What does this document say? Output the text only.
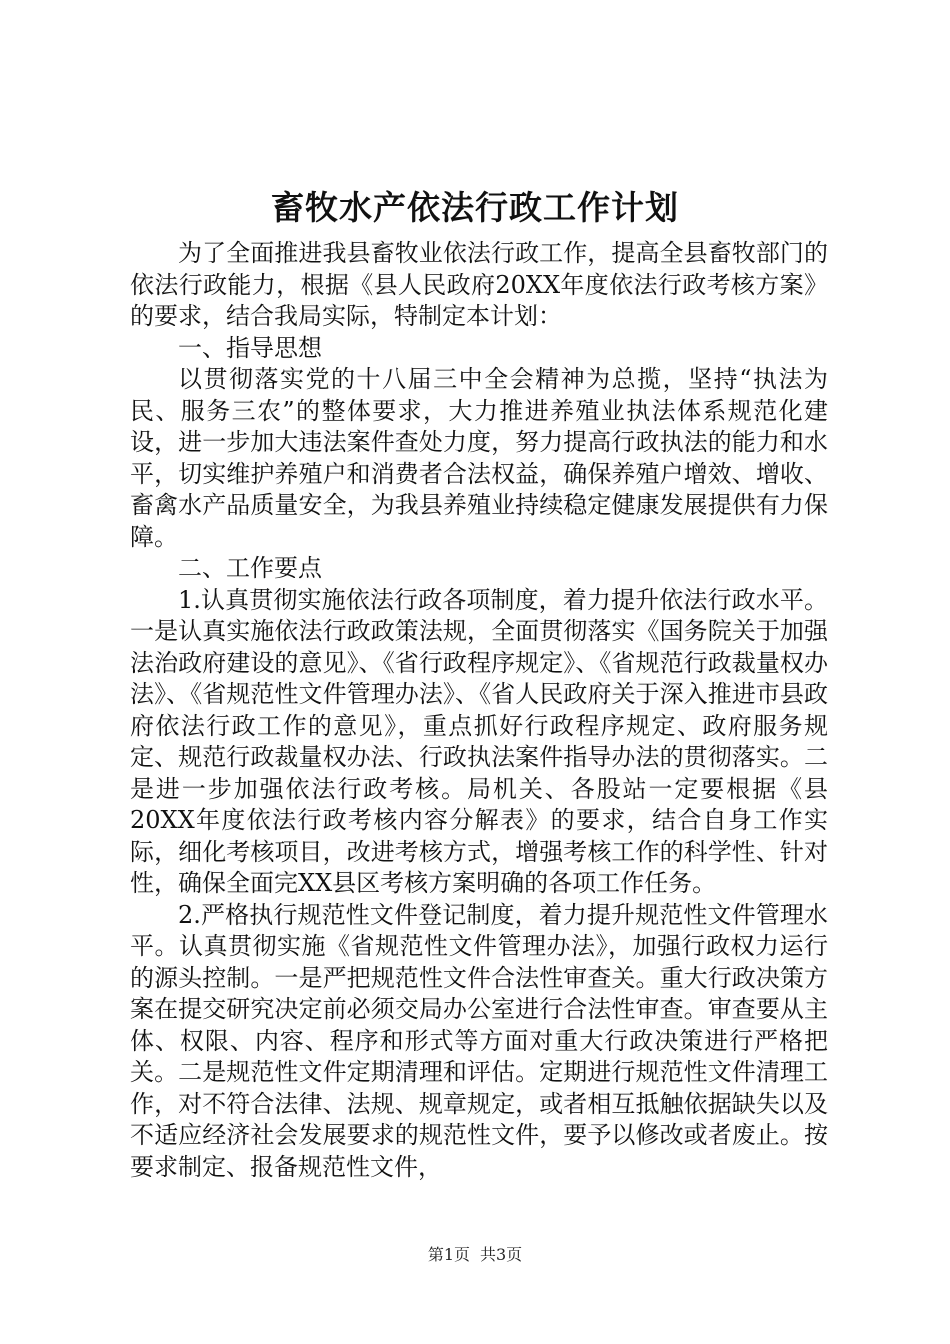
畜牧水产依法行政工作计划

为了全面推进我县畜牧业依法行政工作，提高全县畜牧部门的依法行政能力，根据《县人民政府20XX年度依法行政考核方案》的要求，结合我局实际，特制定本计划：

一、指导思想

以贯彻落实党的十八届三中全会精神为总揽，坚持“执法为民、服务三农”的整体要求，大力推进养殖业执法体系规范化建设，进一步加大违法案件查处力度，努力提高行政执法的能力和水平，切实维护养殖户和消费者合法权益，确保养殖户增效、增收、畜禽水产品质量安全，为我县养殖业持续稳定健康发展提供有力保障。

二、工作要点

1.认真贯彻实施依法行政各项制度，着力提升依法行政水平。一是认真实施依法行政政策法规，全面贯彻落实《国务院关于加强法治政府建设的意见》、《省行政程序规定》、《省规范行政裁量权办法》、《省规范性文件管理办法》、《省人民政府关于深入推进市县政府依法行政工作的意见》，重点抓好行政程序规定、政府服务规定、规范行政裁量权办法、行政执法案件指导办法的贯彻落实。二是进一步加强依法行政考核。局机关、各股站一定要根据《县20XX年度依法行政考核内容分解表》的要求，结合自身工作实际，细化考核项目，改进考核方式，增强考核工作的科学性、针对性，确保全面完XX县区考核方案明确的各项工作任务。

2.严格执行规范性文件登记制度，着力提升规范性文件管理水平。认真贯彻实施《省规范性文件管理办法》，加强行政权力运行的源头控制。一是严把规范性文件合法性审查关。重大行政决策方案在提交研究决定前必须交局办公室进行合法性审查。审查要从主体、权限、内容、程序和形式等方面对重大行政决策进行严格把关。二是规范性文件定期清理和评估。定期进行规范性文件清理工作，对不符合法律、法规、规章规定，或者相互抵触依据缺失以及不适应经济社会发展要求的规范性文件，要予以修改或者废止。按要求制定、报备规范性文件，

第1页 共3页
